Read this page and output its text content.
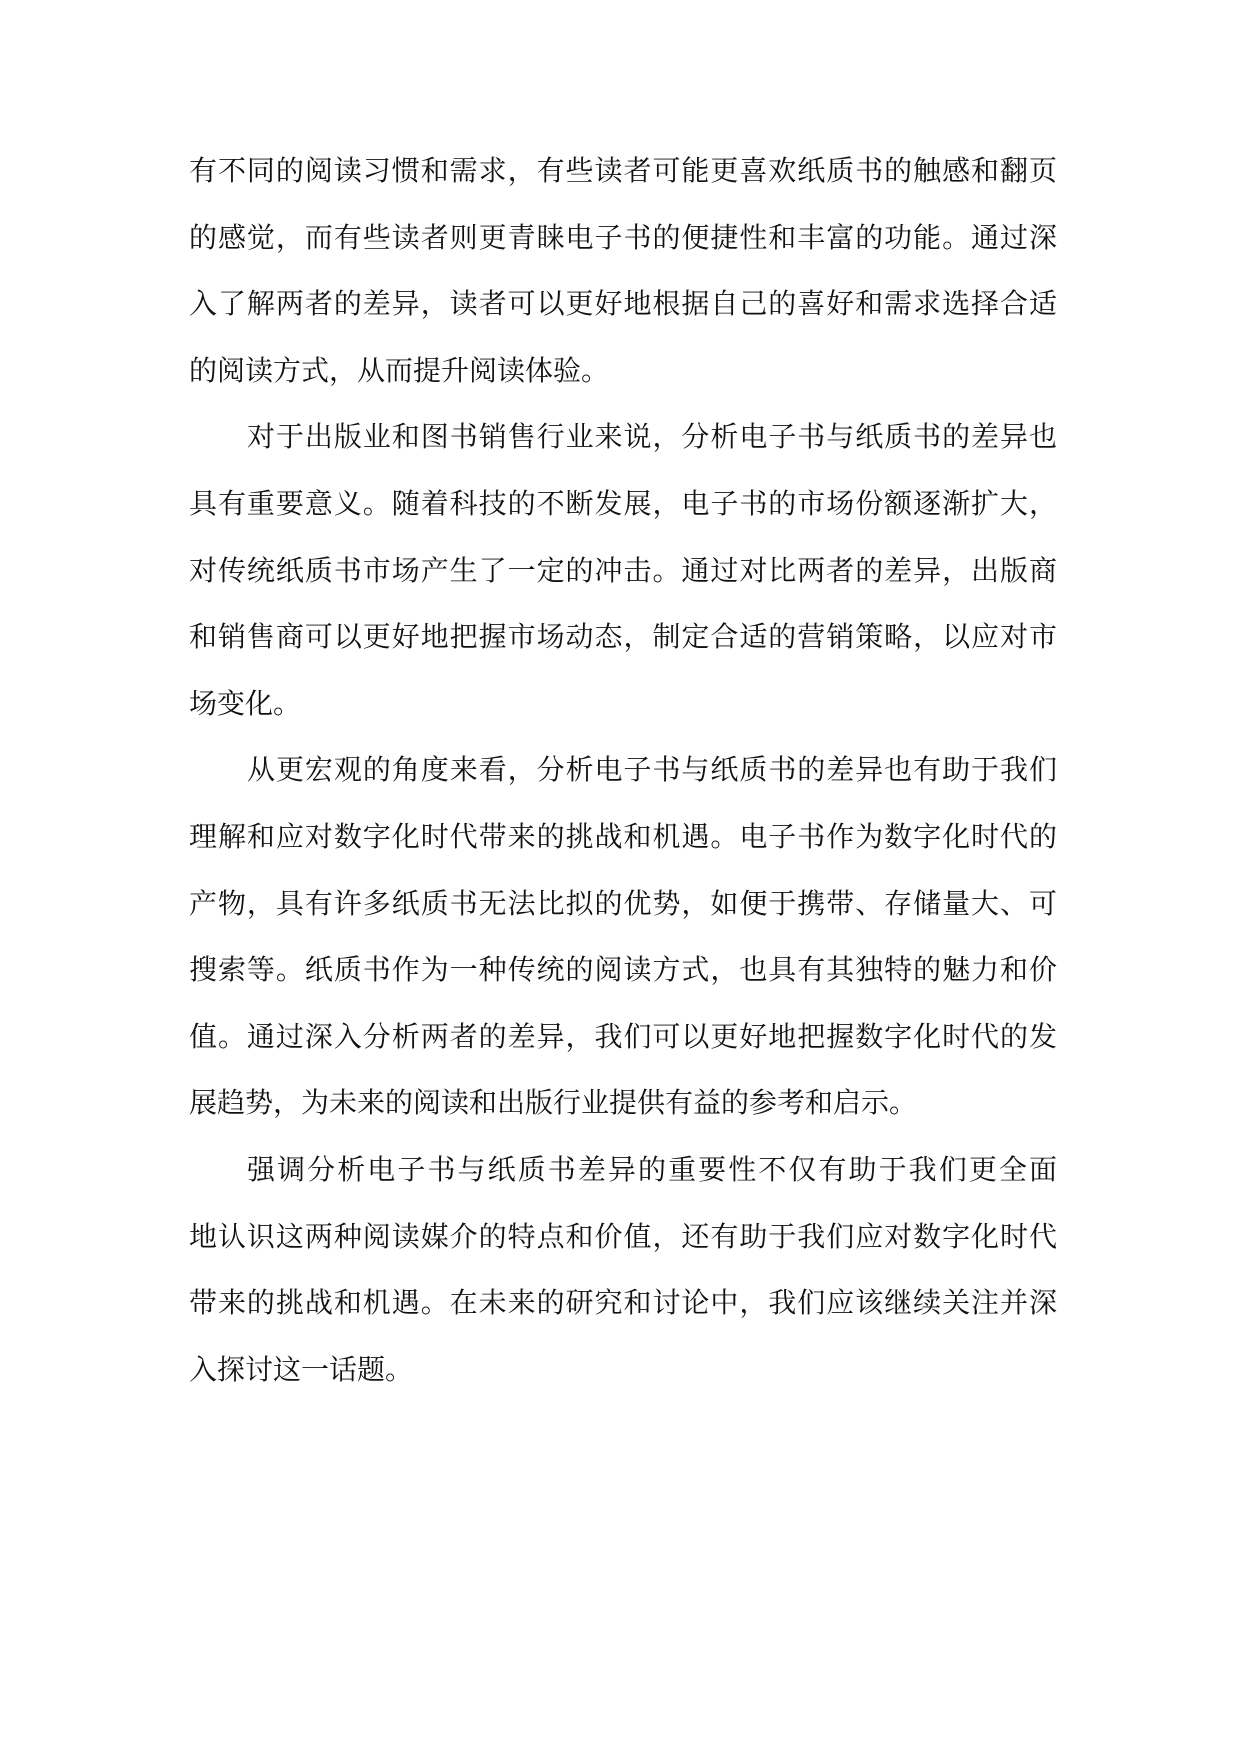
有不同的阅读习惯和需求，有些读者可能更喜欢纸质书的触感和翻页
的感觉，而有些读者则更青睐电子书的便捷性和丰富的功能。通过深
入了解两者的差异，读者可以更好地根据自己的喜好和需求选择合适
的阅读方式，从而提升阅读体验。
对于出版业和图书销售行业来说，分析电子书与纸质书的差异也
具有重要意义。随着科技的不断发展，电子书的市场份额逐渐扩大，
对传统纸质书市场产生了一定的冲击。通过对比两者的差异，出版商
和销售商可以更好地把握市场动态，制定合适的营销策略，以应对市
场变化。
从更宏观的角度来看，分析电子书与纸质书的差异也有助于我们
理解和应对数字化时代带来的挑战和机遇。电子书作为数字化时代的
产物，具有许多纸质书无法比拟的优势，如便于携带、存储量大、可
搜索等。纸质书作为一种传统的阅读方式，也具有其独特的魅力和价
值。通过深入分析两者的差异，我们可以更好地把握数字化时代的发
展趋势，为未来的阅读和出版行业提供有益的参考和启示。
强调分析电子书与纸质书差异的重要性不仅有助于我们更全面
地认识这两种阅读媒介的特点和价值，还有助于我们应对数字化时代
带来的挑战和机遇。在未来的研究和讨论中，我们应该继续关注并深
入探讨这一话题。
